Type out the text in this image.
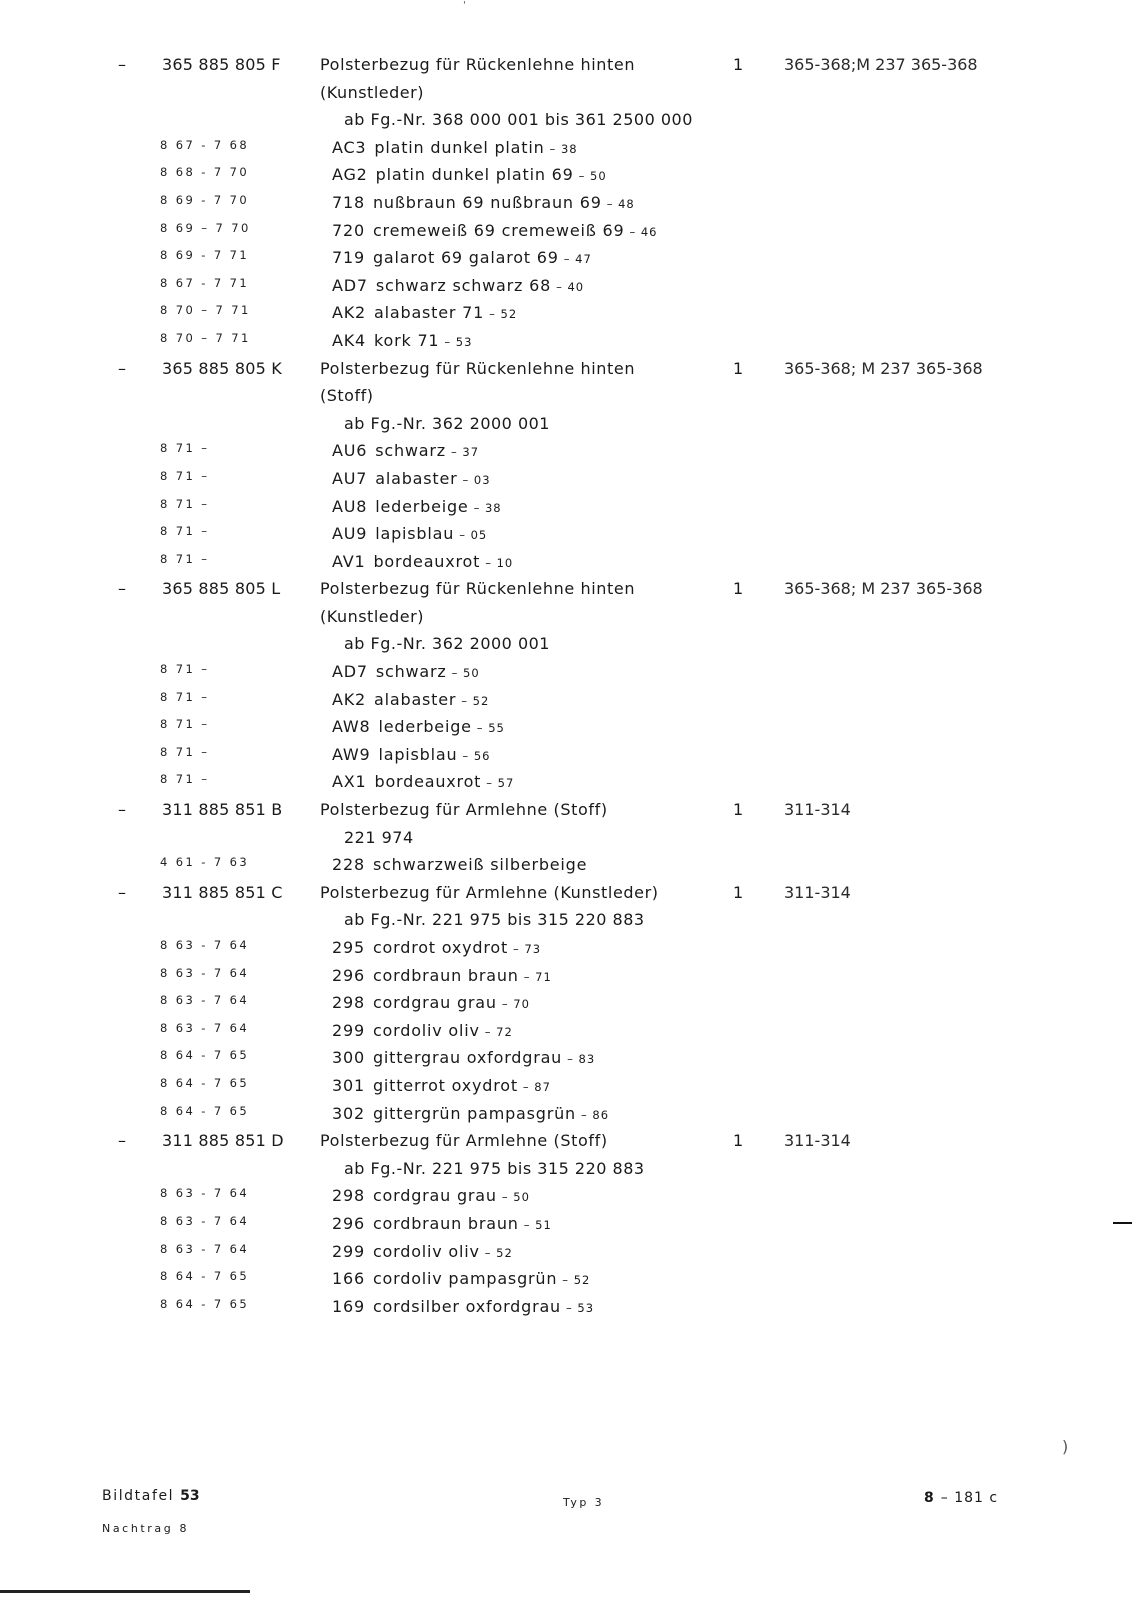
'
– 365 885 805 F Polsterbezug für Rückenlehne hinten	1	365-368;M 237 365-368
(Kunstleder)
ab Fg.-Nr. 368 000 001 bis 361 2500 000
8 67 - 7 68	AC3 platin dunkel platin – 38
8 68 - 7 70	AG2 platin dunkel platin 69 – 50
8 69 - 7 70	718 nußbraun 69 nußbraun 69 – 48
8 69 – 7 70	720 cremeweiß 69 cremeweiß 69 – 46
8 69 - 7 71	719 galarot 69 galarot 69 – 47
8 67 - 7 71	AD7 schwarz schwarz 68 – 40
8 70 – 7 71	AK2 alabaster 71 – 52
8 70 – 7 71	AK4 kork 71 – 53
– 365 885 805 K Polsterbezug für Rückenlehne hinten	1	365-368; M 237 365-368
(Stoff)
ab Fg.-Nr. 362 2000 001
8 71 –	AU6 schwarz – 37
8 71 –	AU7 alabaster – 03
8 71 –	AU8 lederbeige – 38
8 71 –	AU9 lapisblau – 05
8 71 –	AV1 bordeauxrot – 10
– 365 885 805 L Polsterbezug für Rückenlehne hinten	1	365-368; M 237 365-368
(Kunstleder)
ab Fg.-Nr. 362 2000 001
8 71 –	AD7 schwarz – 50
8 71 –	AK2 alabaster – 52
8 71 –	AW8 lederbeige – 55
8 71 –	AW9 lapisblau – 56
8 71 –	AX1 bordeauxrot – 57
– 311 885 851 B Polsterbezug für Armlehne (Stoff)	1	311-314
221 974
4 61 - 7 63	228 schwarzweiß silberbeige
– 311 885 851 C Polsterbezug für Armlehne (Kunstleder)	1	311-314
ab Fg.-Nr. 221 975 bis 315 220 883
8 63 - 7 64	295 cordrot oxydrot – 73
8 63 - 7 64	296 cordbraun braun – 71
8 63 - 7 64	298 cordgrau grau – 70
8 63 - 7 64	299 cordoliv oliv – 72
8 64 - 7 65	300 gittergrau oxfordgrau – 83
8 64 - 7 65	301 gitterrot oxydrot – 87
8 64 - 7 65	302 gittergrün pampasgrün – 86
– 311 885 851 D Polsterbezug für Armlehne (Stoff)	1	311-314
ab Fg.-Nr. 221 975 bis 315 220 883
8 63 - 7 64	298 cordgrau grau – 50
8 63 - 7 64	296 cordbraun braun – 51
8 63 - 7 64	299 cordoliv oliv – 52
8 64 - 7 65	166 cordoliv pampasgrün – 52
8 64 - 7 65	169 cordsilber oxfordgrau – 53
Bildtafel 53
Nachtrag 8
Typ 3	8 – 181 c
)
